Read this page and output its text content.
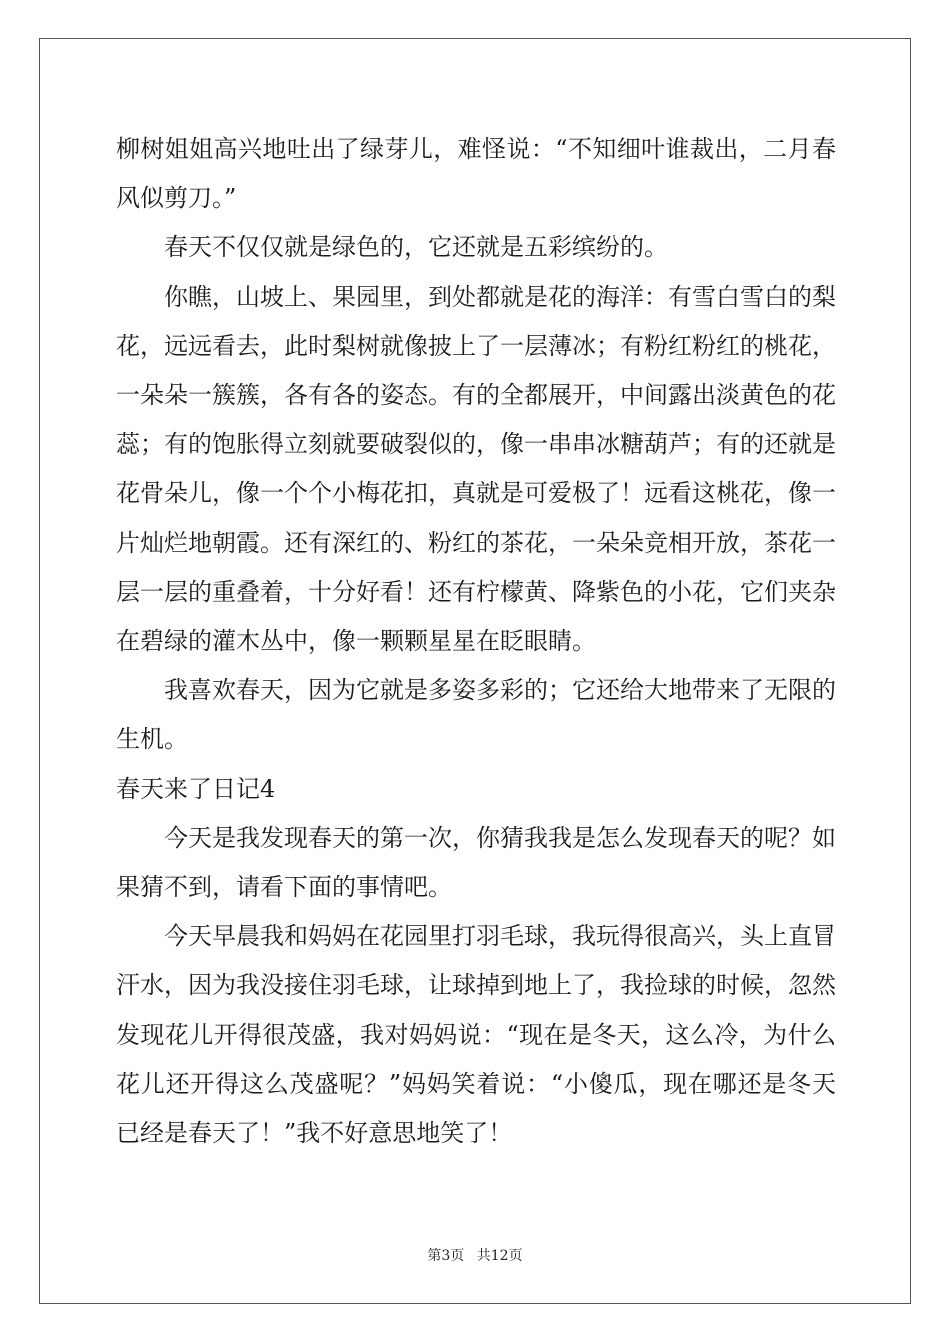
柳树姐姐高兴地吐出了绿芽儿，难怪说：“不知细叶谁裁出，二月春风似剪刀。”

春天不仅仅就是绿色的，它还就是五彩缤纷的。

你瞧，山坡上、果园里，到处都就是花的海洋：有雪白雪白的梨花，远远看去，此时梨树就像披上了一层薄冰；有粉红粉红的桃花，一朵朵一簇簇，各有各的姿态。有的全都展开，中间露出淡黄色的花蕊；有的饱胀得立刻就要破裂似的，像一串串冰糖葫芦；有的还就是花骨朵儿，像一个个小梅花扣，真就是可爱极了！远看这桃花，像一片灿烂地朝霞。还有深红的、粉红的茶花，一朵朵竞相开放，茶花一层一层的重叠着，十分好看！还有柠檬黄、降紫色的小花，它们夹杂在碧绿的灌木丛中，像一颗颗星星在眨眼睛。

我喜欢春天，因为它就是多姿多彩的；它还给大地带来了无限的生机。

春天来了日记4

今天是我发现春天的第一次，你猜我我是怎么发现春天的呢？如果猜不到，请看下面的事情吧。

今天早晨我和妈妈在花园里打羽毛球，我玩得很高兴，头上直冒汗水，因为我没接住羽毛球，让球掉到地上了，我捡球的时候，忽然发现花儿开得很茂盛，我对妈妈说：“现在是冬天，这么冷，为什么花儿还开得这么茂盛呢？”妈妈笑着说：“小傻瓜，现在哪还是冬天已经是春天了！”我不好意思地笑了！

第3页 共12页
